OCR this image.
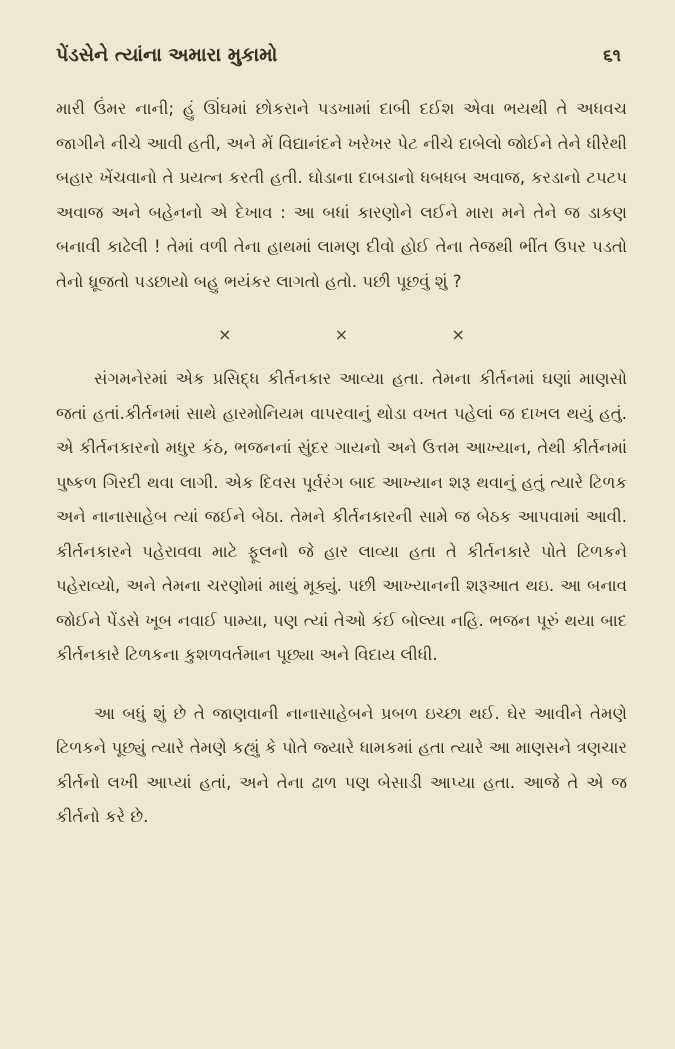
પેંડસેને ત્યાંના અમારા મુકામો	૬૧

મારી ઉંમર નાની; હું ઊંઘમાં છોકરાને પડખામાં દાબી દઈશ એવા ભયથી તે અધવચ જાગીને નીચે આવી હતી, અને મેં વિદ્યાનંદને ખરેખર પેટ નીચે દાબેલો જોઈને તેને ધીરેથી બહાર ખેંચવાનો તે પ્રયત્ન કરતી હતી. ઘોડાના દાબડાનો ધબધબ અવાજ, કરડાનો ટપટપ અવાજ અને બહેનનો એ દેખાવ : આ બધાં કારણોને લઈને મારા મને તેને જ ડાકણ બનાવી કાઢેલી ! તેમાં વળી તેના હાથમાં લામણ દીવો હોઈ તેના તેજથી ભીંત ઉપર પડતો તેનો ધ્રૂજતો પડછાયો બહુ ભયંકર લાગતો હતો. પછી પૂછવું શું ?

×	×	×

સંગમનેરમાં એક પ્રસિદ્ધ કીર્તનકાર આવ્યા હતા. તેમના કીર્તનમાં ઘણાં માણસો જતાં હતાં.કીર્તનમાં સાથે હારમોનિયમ વાપરવાનું થોડા વખત પહેલાં જ દાખલ થયું હતું. એ કીર્તનકારનો મધુર કંઠ, ભજનનાં સુંદર ગાયનો અને ઉત્તમ આખ્યાન, તેથી કીર્તનમાં પુષ્કળ ગિરદી થવા લાગી. એક દિવસ પૂર્વરંગ બાદ આખ્યાન શરૂ થવાનું હતું ત્યારે ટિળક અને નાનાસાહેબ ત્યાં જઈને બેઠા. તેમને કીર્તનકારની સામે જ બેઠક આપવામાં આવી. કીર્તનકારને પહેરાવવા માટે ફૂલનો જે હાર લાવ્યા હતા તે કીર્તનકારે પોતે ટિળકને પહેરાવ્યો, અને તેમના ચરણોમાં માથું મૂક્યું. પછી આખ્યાનની શરૂઆત થઇ. આ બનાવ જોઈને પેંડસે ખૂબ નવાઈ પામ્યા, પણ ત્યાં તેઓ કંઈ બોલ્યા નહિ. ભજન પૂરું થયા બાદ કીર્તનકારે ટિળકના કુશળવર્તમાન પૂછ્યા અને વિદાય લીધી.

આ બધું શું છે તે જાણવાની નાનાસાહેબને પ્રબળ ઇચ્છા થઈ. ઘેર આવીને તેમણે ટિળકને પૂછ્યું ત્યારે તેમણે કહ્યું કે પોતે જ્યારે ધામકમાં હતા ત્યારે આ માણસને ત્રણચાર કીર્તનો લખી આપ્યાં હતાં, અને તેના ઢાળ પણ બેસાડી આપ્યા હતા. આજે તે એ જ કીર્તનો કરે છે.
